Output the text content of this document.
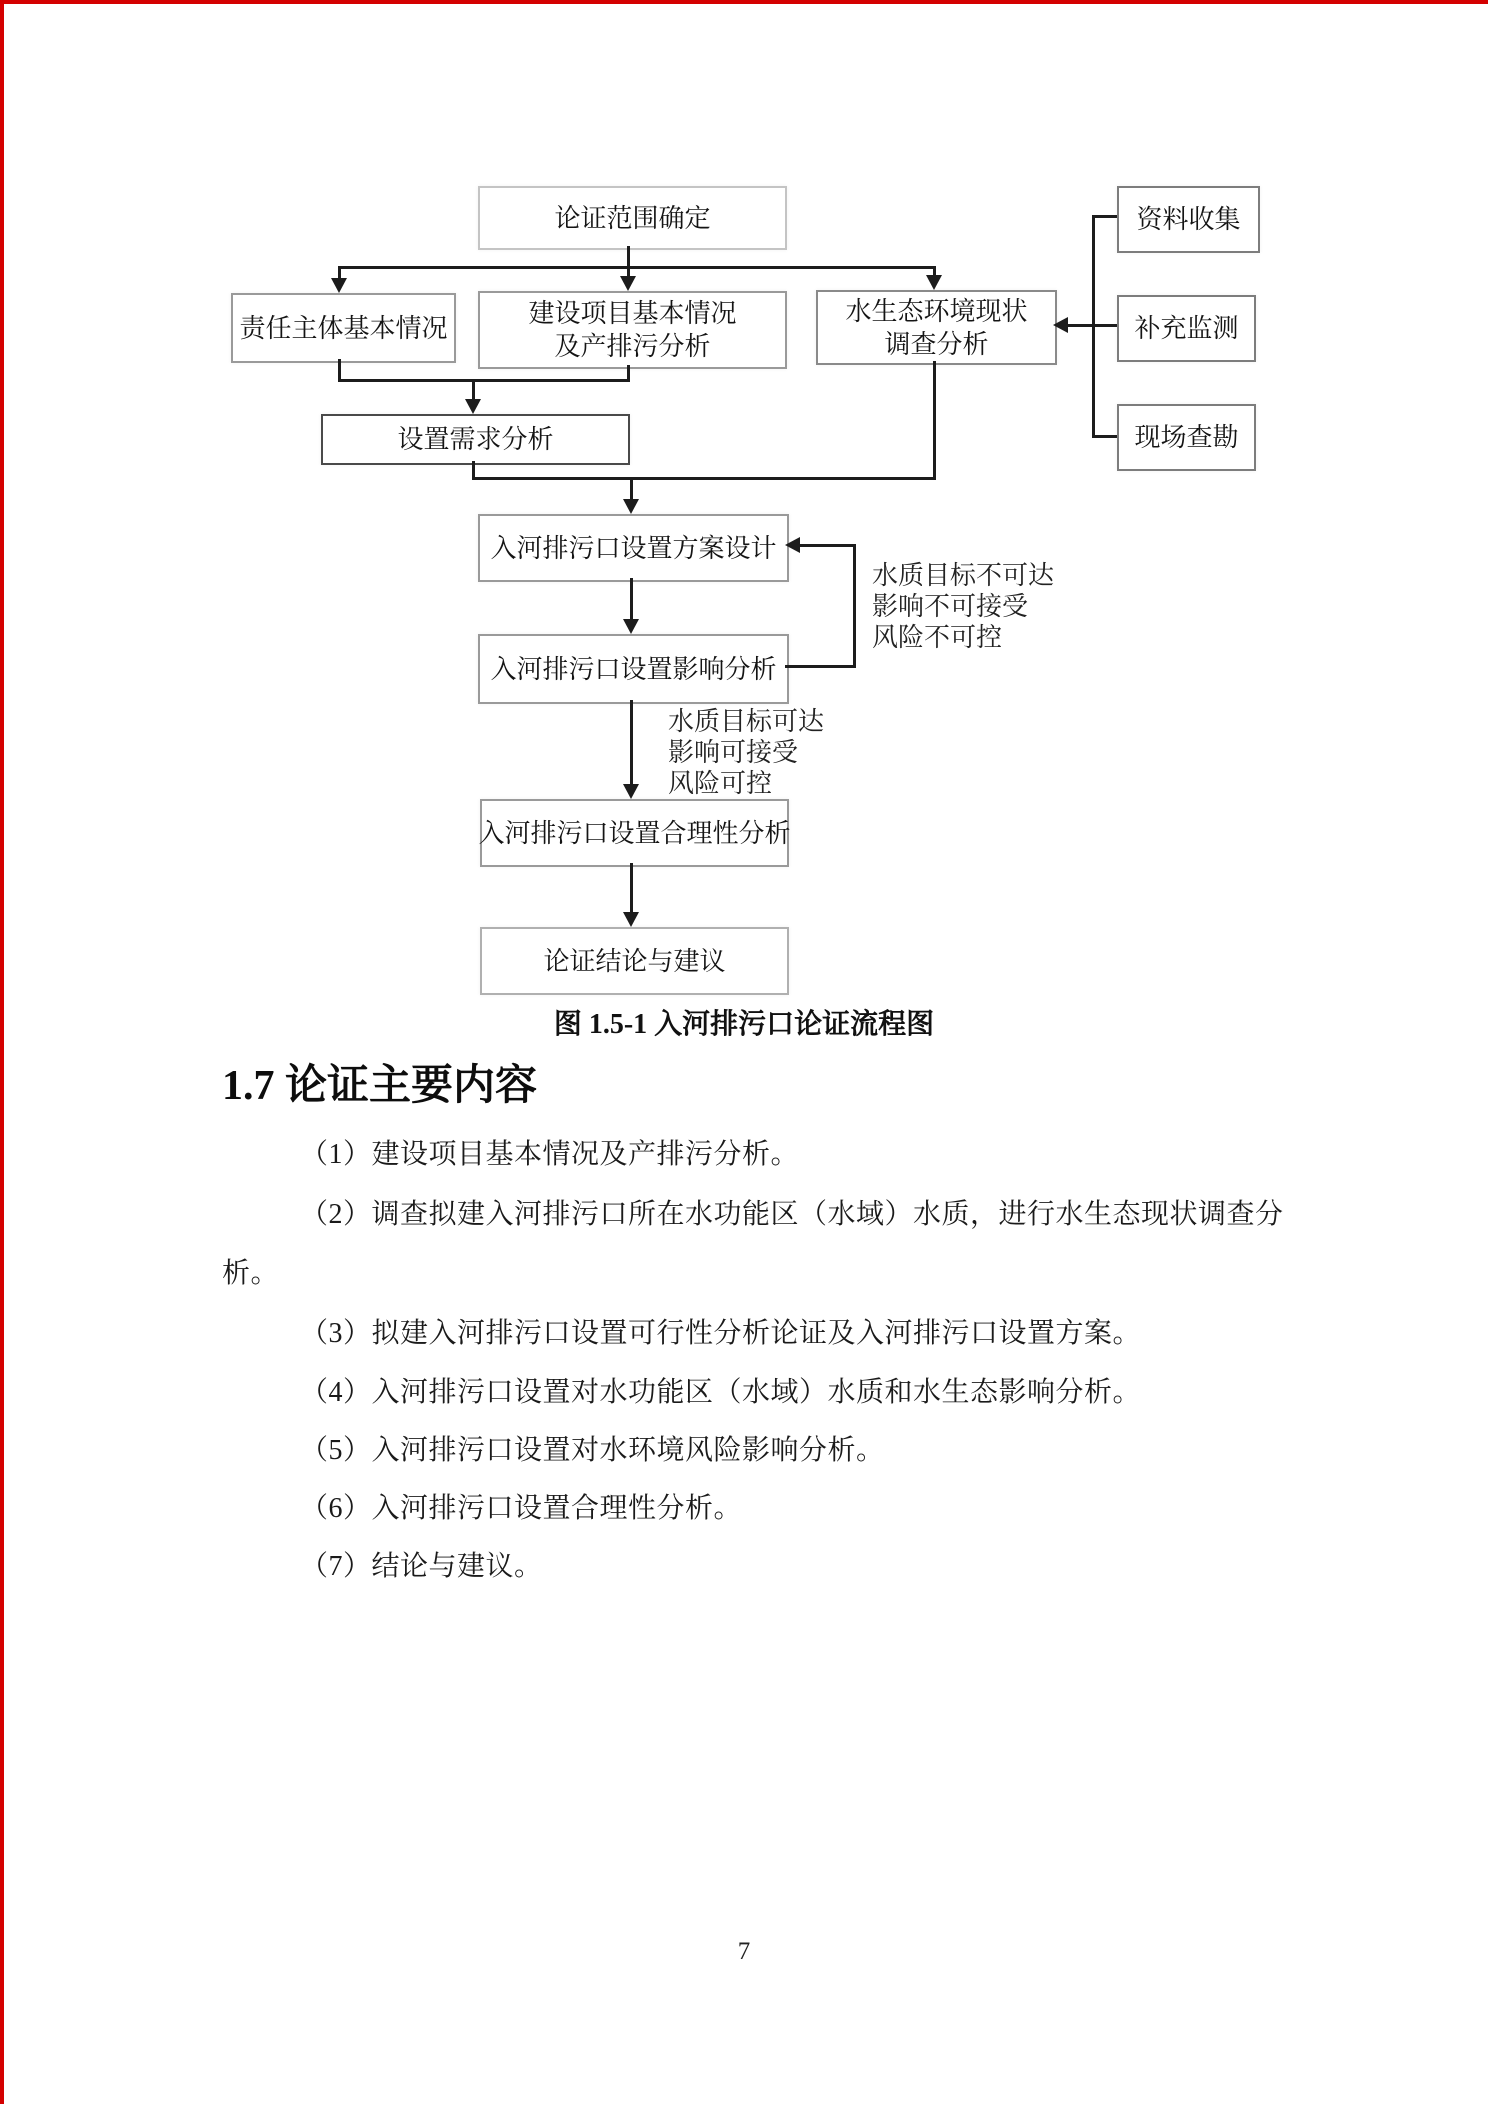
论证范围确定
责任主体基本情况	建设项目基本情况
及产排污分析
水生态环境现状
调查分析
资料收集
补充监测
现场查勘
设置需求分析
入河排污口设置方案设计
入河排污口设置影响分析
入河排污口设置合理性分析
论证结论与建议
水质目标不可达
影响不可接受
风险不可控
水质目标可达
影响可接受
风险可控
图 1.5-1 入河排污口论证流程图
1.7 论证主要内容
（1）建设项目基本情况及产排污分析。
（2）调查拟建入河排污口所在水功能区（水域）水质，进行水生态现状调查分
析。
（3）拟建入河排污口设置可行性分析论证及入河排污口设置方案。
（4）入河排污口设置对水功能区（水域）水质和水生态影响分析。
（5）入河排污口设置对水环境风险影响分析。
（6）入河排污口设置合理性分析。
（7）结论与建议。
7
